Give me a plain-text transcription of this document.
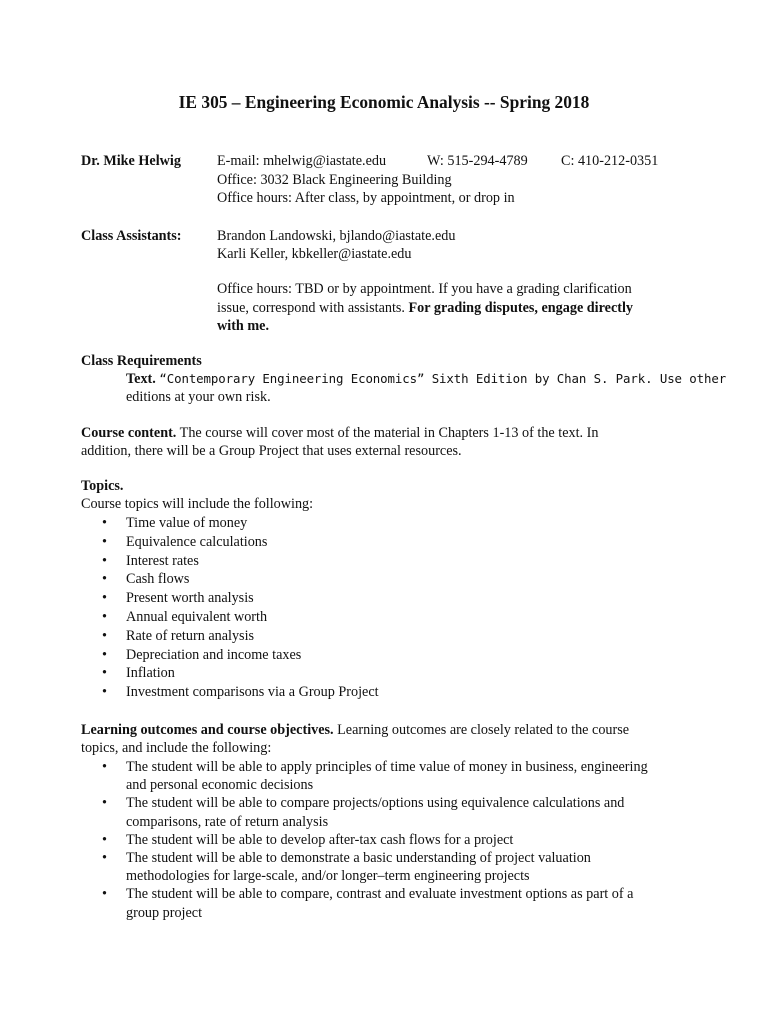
IE 305 – Engineering Economic Analysis -- Spring 2018
Dr. Mike Helwig	E-mail: mhelwig@iastate.edu	W: 515-294-4789 C: 410-212-0351
Office: 3032 Black Engineering Building
Office hours: After class, by appointment, or drop in
Class Assistants: Brandon Landowski, bjlando@iastate.edu
Karli Keller, kbkeller@iastate.edu
Office hours: TBD or by appointment. If you have a grading clarification
issue, correspond with assistants. For grading disputes, engage directly
with me.
Class Requirements
Text. “Contemporary Engineering Economics” Sixth Edition by Chan S. Park. Use other
editions at your own risk.
Course content. The course will cover most of the material in Chapters 1-13 of the text. In
addition, there will be a Group Project that uses external resources.
Topics.
Course topics will include the following:
• Time value of money
• Equivalence calculations
• Interest rates
• Cash flows
• Present worth analysis
• Annual equivalent worth
• Rate of return analysis
• Depreciation and income taxes
• Inflation
• Investment comparisons via a Group Project
Learning outcomes and course objectives. Learning outcomes are closely related to the course
topics, and include the following:
• The student will be able to apply principles of time value of money in business, engineering
and personal economic decisions
• The student will be able to compare projects/options using equivalence calculations and
comparisons, rate of return analysis
• The student will be able to develop after-tax cash flows for a project
• The student will be able to demonstrate a basic understanding of project valuation
methodologies for large-scale, and/or longer–term engineering projects
• The student will be able to compare, contrast and evaluate investment options as part of a
group project
